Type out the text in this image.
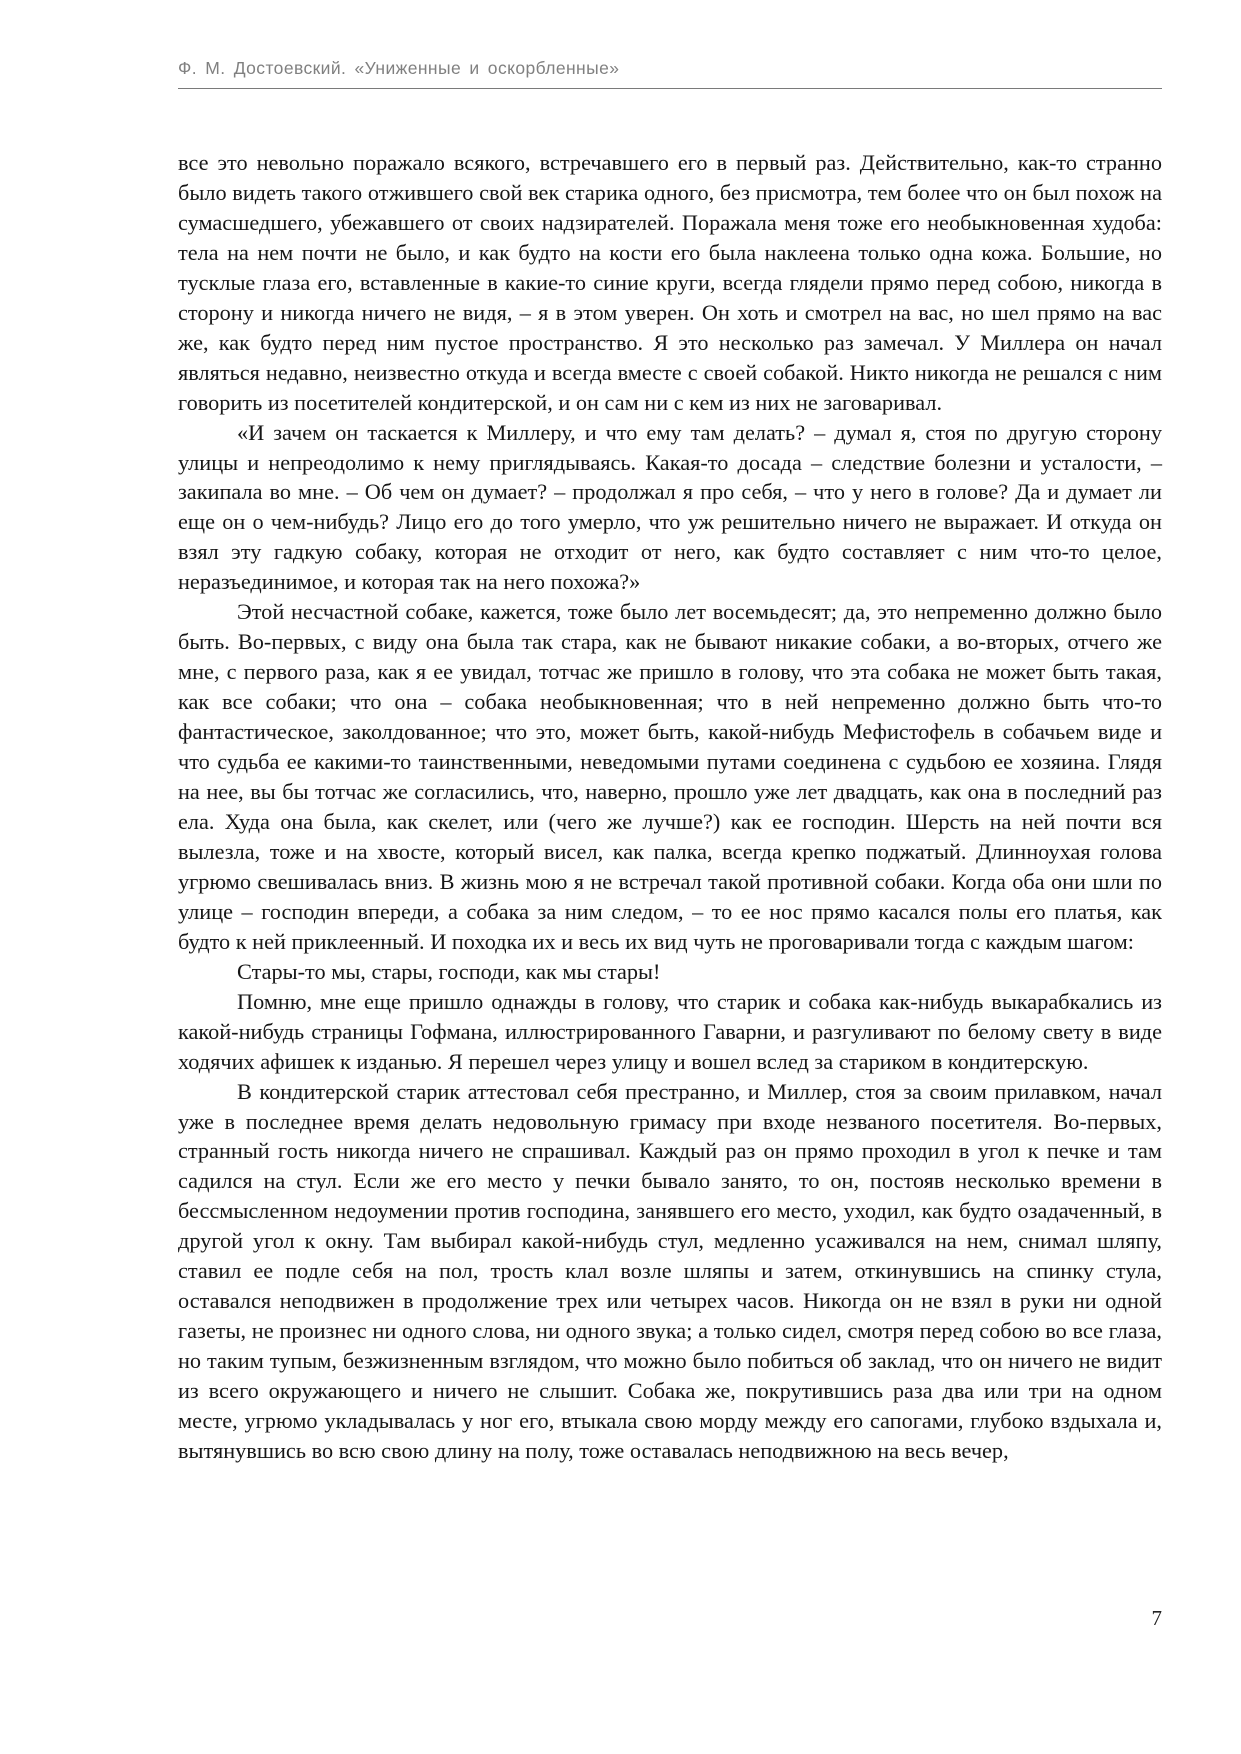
Ф. М. Достоевский. «Униженные и оскорбленные»

все это невольно поражало всякого, встречавшего его в первый раз. Действительно, как-то странно было видеть такого отжившего свой век старика одного, без присмотра, тем более что он был похож на сумасшедшего, убежавшего от своих надзирателей. Поражала меня тоже его необыкновенная худоба: тела на нем почти не было, и как будто на кости его была наклеена только одна кожа. Большие, но тусклые глаза его, вставленные в какие-то синие круги, всегда глядели прямо перед собою, никогда в сторону и никогда ничего не видя, – я в этом уверен. Он хоть и смотрел на вас, но шел прямо на вас же, как будто перед ним пустое пространство. Я это несколько раз замечал. У Миллера он начал являться недавно, неизвестно откуда и всегда вместе с своей собакой. Никто никогда не решался с ним говорить из посетителей кондитерской, и он сам ни с кем из них не заговаривал.

«И зачем он таскается к Миллеру, и что ему там делать? – думал я, стоя по другую сторону улицы и непреодолимо к нему приглядываясь. Какая-то досада – следствие болезни и усталости, – закипала во мне. – Об чем он думает? – продолжал я про себя, – что у него в голове? Да и думает ли еще он о чем-нибудь? Лицо его до того умерло, что уж решительно ничего не выражает. И откуда он взял эту гадкую собаку, которая не отходит от него, как будто составляет с ним что-то целое, неразъединимое, и которая так на него похожа?»

Этой несчастной собаке, кажется, тоже было лет восемьдесят; да, это непременно должно было быть. Во-первых, с виду она была так стара, как не бывают никакие собаки, а во-вторых, отчего же мне, с первого раза, как я ее увидал, тотчас же пришло в голову, что эта собака не может быть такая, как все собаки; что она – собака необыкновенная; что в ней непременно должно быть что-то фантастическое, заколдованное; что это, может быть, какой-нибудь Мефистофель в собачьем виде и что судьба ее какими-то таинственными, неведомыми путами соединена с судьбою ее хозяина. Глядя на нее, вы бы тотчас же согласились, что, наверно, прошло уже лет двадцать, как она в последний раз ела. Худа она была, как скелет, или (чего же лучше?) как ее господин. Шерсть на ней почти вся вылезла, тоже и на хвосте, который висел, как палка, всегда крепко поджатый. Длинноухая голова угрюмо свешивалась вниз. В жизнь мою я не встречал такой противной собаки. Когда оба они шли по улице – господин впереди, а собака за ним следом, – то ее нос прямо касался полы его платья, как будто к ней приклеенный. И походка их и весь их вид чуть не проговаривали тогда с каждым шагом:

Стары-то мы, стары, господи, как мы стары!

Помню, мне еще пришло однажды в голову, что старик и собака как-нибудь выкарабкались из какой-нибудь страницы Гофмана, иллюстрированного Гаварни, и разгуливают по белому свету в виде ходячих афишек к изданью. Я перешел через улицу и вошел вслед за стариком в кондитерскую.

В кондитерской старик аттестовал себя престранно, и Миллер, стоя за своим прилавком, начал уже в последнее время делать недовольную гримасу при входе незваного посетителя. Во-первых, странный гость никогда ничего не спрашивал. Каждый раз он прямо проходил в угол к печке и там садился на стул. Если же его место у печки бывало занято, то он, постояв несколько времени в бессмысленном недоумении против господина, занявшего его место, уходил, как будто озадаченный, в другой угол к окну. Там выбирал какой-нибудь стул, медленно усаживался на нем, снимал шляпу, ставил ее подле себя на пол, трость клал возле шляпы и затем, откинувшись на спинку стула, оставался неподвижен в продолжение трех или четырех часов. Никогда он не взял в руки ни одной газеты, не произнес ни одного слова, ни одного звука; а только сидел, смотря перед собою во все глаза, но таким тупым, безжизненным взглядом, что можно было побиться об заклад, что он ничего не видит из всего окружающего и ничего не слышит. Собака же, покрутившись раза два или три на одном месте, угрюмо укладывалась у ног его, втыкала свою морду между его сапогами, глубоко вздыхала и, вытянувшись во всю свою длину на полу, тоже оставалась неподвижною на весь вечер,

7
